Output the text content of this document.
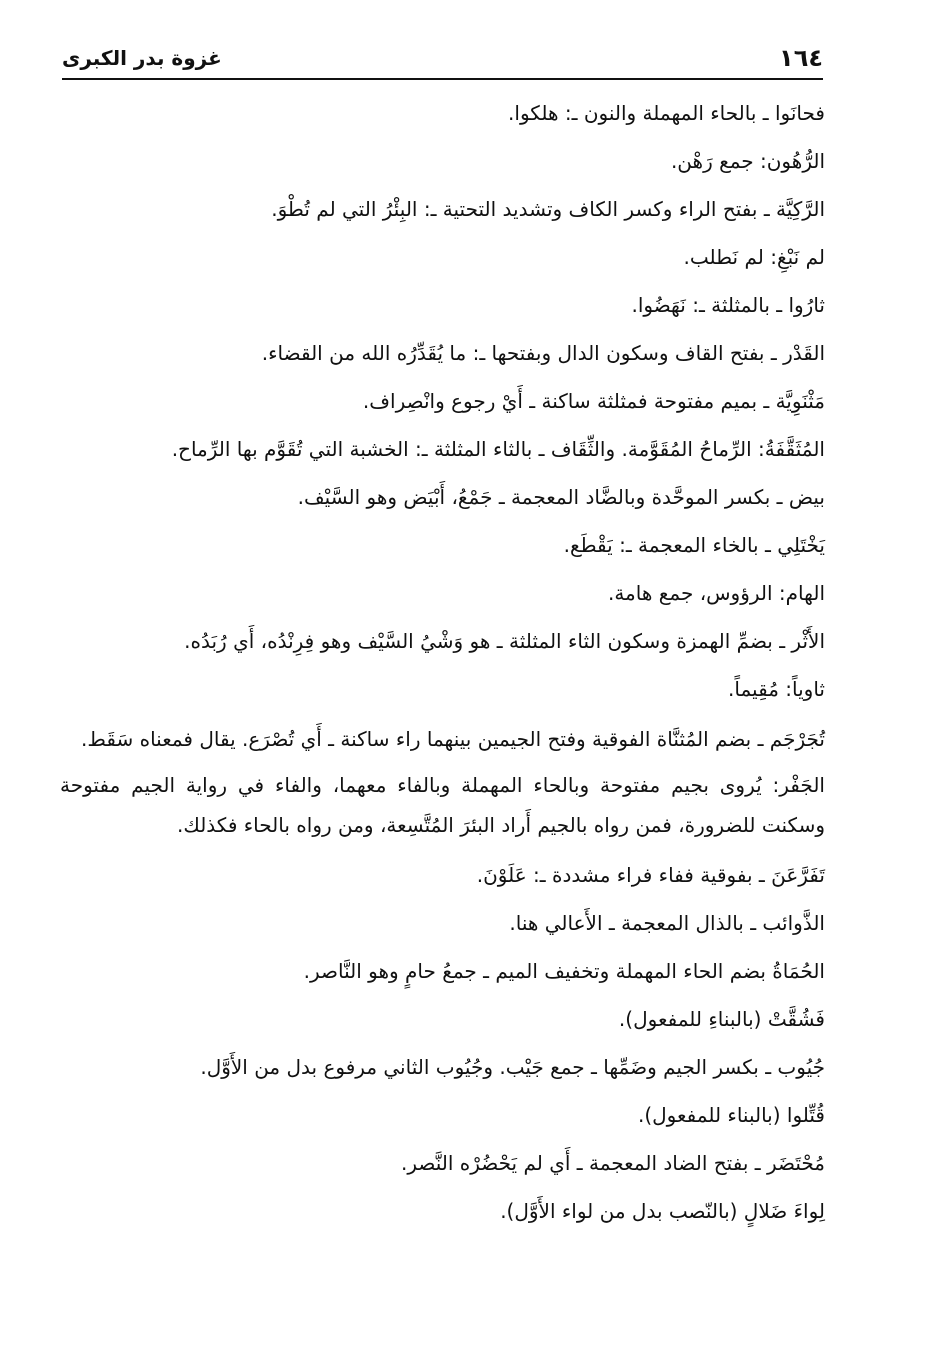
١٦٤
غزوة بدر الكبرى

فحانَوا ـ بالحاء المهملة والنون ـ: هلكوا.

الرُّهُون: جمع رَهْن.

الرَّكِيَّة ـ بفتح الراء وكسر الكاف وتشديد التحتية ـ: البِئْرُ التي لم تُطْوَ.

لم نَبْغِ: لم نَطلب.

ثارُوا ـ بالمثلثة ـ: نَهَضُوا.

القَدْر ـ بفتح القاف وسكون الدال وبفتحها ـ: ما يُقَدِّرُه الله من القضاء.

مَثْنَوِيَّة ـ بميم مفتوحة فمثلثة ساكنة ـ أَيْ رجوع وانْصِراف.

المُثَقَّفَةُ: الرِّماحُ المُقَوَّمة. والثِّقَاف ـ بالثاء المثلثة ـ: الخشبة التي تُقَوَّم بها الرِّماح.

بيض ـ بكسر الموحَّدة وبالضَّاد المعجمة ـ جَمْعُ، أَبْيَض وهو السَّيْف.

يَخْتَلِي ـ بالخاء المعجمة ـ: يَقْطَع.

الهام: الرؤوس، جمع هامة.

الأَثْر ـ بضمِّ الهمزة وسكون الثاء المثلثة ـ هو وَشْيُ السَّيْف وهو فِرِنْدُه، أَي رُبَدُه.

ثاوياً: مُقِيماً.

تُجَرْجَم ـ بضم المُثنَّاة الفوقية وفتح الجيمين بينهما راء ساكنة ـ أَي تُصْرَع. يقال فمعناه سَقَط.

الجَفْر: يُروى بجيم مفتوحة وبالحاء المهملة وبالفاء معهما، والفاء في رواية الجيم مفتوحة وسكنت للضرورة، فمن رواه بالجيم أَراد البئرَ المُتَّسِعة، ومن رواه بالحاء فكذلك.

تَفَرَّعَنَ ـ بفوقية ففاء فراء مشددة ـ: عَلَوْنَ.

الذَّوائب ـ بالذال المعجمة ـ الأَعالي هنا.

الحُمَاةُ بضم الحاء المهملة وتخفيف الميم ـ جمعُ حامٍ وهو النَّاصر.

فَشُقَّتْ (بالبناءِ للمفعول).

جُيُوب ـ بكسر الجيم وضَمِّها ـ جمع جَيْب. وجُيُوب الثاني مرفوع بدل من الأَوَّل.

قُتِّلوا (بالبناء للمفعول).

مُحْتَضَر ـ بفتح الضاد المعجمة ـ أَي لم يَحْضُرْه النَّصر.

لِواءَ ضَلالٍ (بالنّصب بدل من لواء الأَوَّل).
